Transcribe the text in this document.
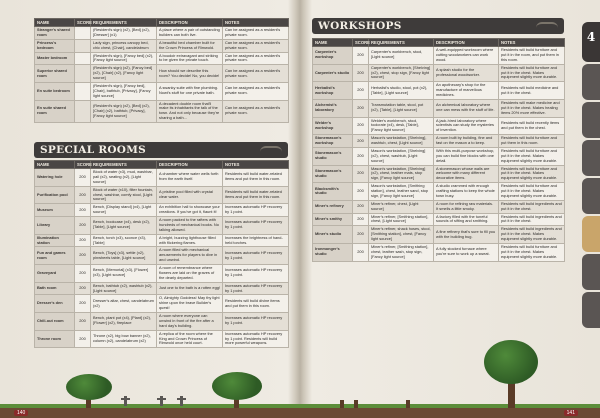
NAME	SCORE	REQUIREMENTS	DESCRIPTION	NOTES
Stranger's shared room		(Resident's sign) (x2), [Bed] (x2), [Dresser] (x1)	A place where a pair of outstanding builders can both live.	Can be assigned as a resident's private room.
Princess's bedroom		Lady sign, princess canopy bed, chic chest, [Chair], candelabrum	A beautiful bed chamber built for the Crown Princess of Rimwold.	Can be assigned as a resident's private room.
Master bedroom		(Resident's sign), [Fancy bed] (x2), [Fancy light source]	A boudoir extravagant and striking to be given the private touch.	Can be assigned as a resident's private room.
Superior shared room		(Resident's sign) (x2), [Fancy bed] (x2), [Chair] (x2), [Fancy light source]	How should we describe this room? You decide! No, you decide!	Can be assigned as a resident's private room.
En suite bedroom		(Resident's sign), [Fancy bed], [Chair], bathtub, [Privacy], [Fancy light source]	A swanky suite with fine plumbing. Nowt's stuff for one private bath.	Can be assigned as a resident's private room.
En suite shared room		(Resident's sign) (x2), [Bed] (x2), [Chair] (x2), bathtub, [Privacy], [Fancy light source]	A decadent double room that'll make its inhabitants the talk of the town. And not only because they're sharing a bath...	Can be assigned as a resident's private room.
SPECIAL ROOMS
NAME	SCORE	REQUIREMENTS	DESCRIPTION	NOTES
Watering hole	200	Block of water (x3), mud, washbar, pail (x2), seating (x2), [Light source]	A chamber where water wells forth from the earth itself.	Residents will build water-related items and put them in this room.
Purification pool	200	Block of water (x10), filter fountain, chest, washbar, comfy stool, [Light source]	A pristine pool filled with crystal clear water.	Residents will build water-related items and put them in this room.
Museum	200	Bench, [Display stand] (x4), [Light source]	An exhibition hall to showcase your creations. If you've got it, flaunt it!	Increases automatic HP recovery by 1 point.
Library	200	Bench, bookcase (x4), desk (x2), [Table], [Light source]	A room packed to the rafters with hundreds of mechanical books. No talking allowed.	Increases automatic HP recovery by 1 point.
Illumination station	200	Bench, torch (x3), sconce (x3), [Table]	A bright, buzzing lighthouse filled with flickering flames.	Increases the brightness of hand-held torches.
Fun and games room	200	Bench, [Toys] (x3), settle (x2), pinwheels table, [Light source]	A room filled with mechanical amusements for players to dive in and unwind.	Increases automatic HP recovery by 1 point.
Graveyard	200	Bench, [Memorial] (x3), [Flower] (x3), [Light source]	A room of remembrance where flowers are laid on the graves of the dearly departed.	Increases automatic HP recovery by 1 point.
Bath room	200	Bench, bathtub (x2), washtub (x2), [Light source]	Just one to the bath is a rotten egg!	Increases automatic HP recovery by 1 point.
Dresser's den	200	Dresser's altar, chest, candelabrum (x2)	O, Almighty Goddess! May thy light shine upon the brave Builder's quest!	Residents will build divine items and put them in this room.
Chill-out room	200	Bench, plant pot (x4), [Plant] (x2), [Flower] (x2), fireplace	A room where everyone can unwind in front of the fire after a hard day's building.	Increases automatic HP recovery by 1 point.
Throne room	200	Throne (x2), big bow banner (x2), column (x2), candelabrum (x2)	A replica of the room where the King and Crown Princess of Rimwold once held court.	Increases automatic HP recovery by 1 point. Residents will build more powerful weapons.
140
WORKSHOPS
NAME	SCORE	REQUIREMENTS	DESCRIPTION	NOTES
Carpenter's workshop	200	Carpenter's workbench, stool, [Light source]	A well-equipped workroom where cutting woodworkers can work wood.	Residents will build furniture and put it in the room, and put them in this room.
Carpenter's studio	200	Carpenter's workbench, [Shelving] (x2), chest, stop sign, [Fancy light source]	A splash studio for the professional woodworker.	Residents will build furniture and put it in the chest. Makes equipment slightly more durable.
Herbalist's workshop	200	Herbalist's studio, stool, pot (x2), [Table], [Light source]	An apothecary's shop for the manufacture of marvellous medicines.	Residents will build medicine and put it in the chest.
Alchemist's laboratory	200	Transmutation table, stool, pot (x2), [Table], [Light source]	An alchemical laboratory where one can mess with the stuff of life.	Residents will make medicine and put it in the chest. Makes healing items 20% more effective.
Welder's workshop	200	Welder's workbench, stool, toolcrate (x4), desk, [Table], [Fancy light source]	A jack-hired laboratory where scientists can study the mysteries of invention.	Residents will build recently items and put them in the chest.
Stonemason's workshop	200	Mason's workstation, [Shelving], washtub, chest, [Light source]	A room built by building, fine and fast on the mason a to keep.	Residents will build furniture and put them in this room.
Stonemason's studio	200	Mason's workstation, [Shelving] (x2), chest, washtub, [Light source]	With this multi-purpose workshop, you can build fine blocks with one detail.	Residents will build furniture and put it in the chest. Makes equipment slightly more durable.
Stonemason's studio	200	Mason's workstation, [Shelving] (x2), chest, leather mats, stop sign, [Fancy light source]	A stonemason whose walls are welcome with many different decorative items.	Residents will build furniture and put it in the chest. Makes equipment slightly more durable.
Blacksmith's studio	200	Mason's workstation, [Smithing station], chest, leather sand, stop sign, [Fancy light source]	A studio crammed with enough crafting stations to keep the whole town busy.	Residents will build furniture and put it in the chest. Makes equipment slightly more durable.
Miner's refinery	200	Miner's refiner, chest, [Light source]	A room for refining raw materials. It smells a little smoky.	Residents will build ingredients and put it in the chest.
Miner's smithy	200	Miner's refiner, [Smithing station], chest, [Light source]	A factory filled with the tuneful sounds of sifting and smithing.	Residents will build ingredients and put it in the chest.
Miner's studio	200	Miner's refiner, shack hoses, stool, [Smithing station], chest, [Fancy light source]	A fine refinery that's sure to fill you with the building bug.	Residents will build ingredients and put it in the chest. Makes equipment slightly more durable.
Ironmonger's studio	200	Miner's refiner, [Smithing station], chest, leather sash, stop sign, [Fancy light source]	A fully stocked furnace where you're sure to work up a sweat.	Residents will build furniture and put it in the chest. Makes equipment slightly more durable.
4
141
